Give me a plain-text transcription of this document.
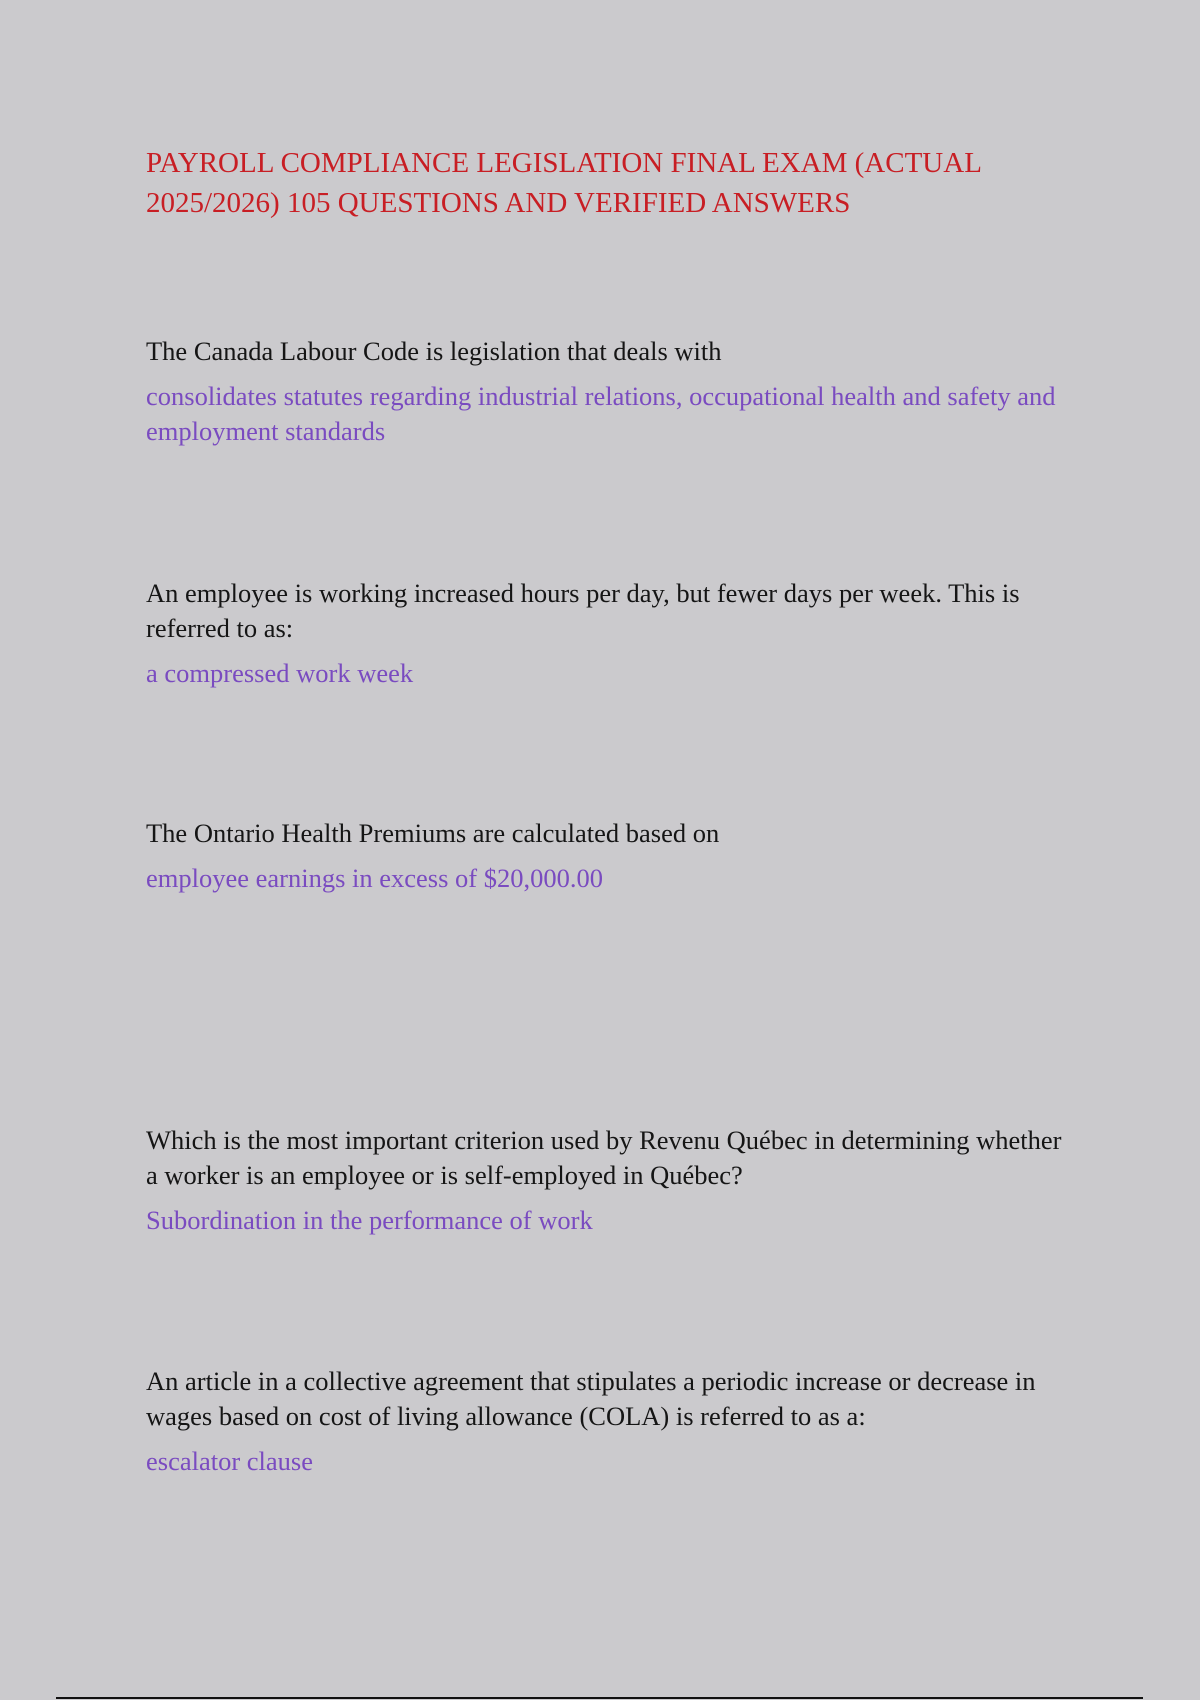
PAYROLL COMPLIANCE LEGISLATION FINAL EXAM (ACTUAL 2025/2026) 105 QUESTIONS AND VERIFIED ANSWERS

The Canada Labour Code is legislation that deals with

consolidates statutes regarding industrial relations, occupational health and safety and employment standards

An employee is working increased hours per day, but fewer days per week. This is referred to as:

a compressed work week

The Ontario Health Premiums are calculated based on

employee earnings in excess of $20,000.00

Which is the most important criterion used by Revenu Québec in determining whether a worker is an employee or is self-employed in Québec?

Subordination in the performance of work

An article in a collective agreement that stipulates a periodic increase or decrease in wages based on cost of living allowance (COLA) is referred to as a:

escalator clause
